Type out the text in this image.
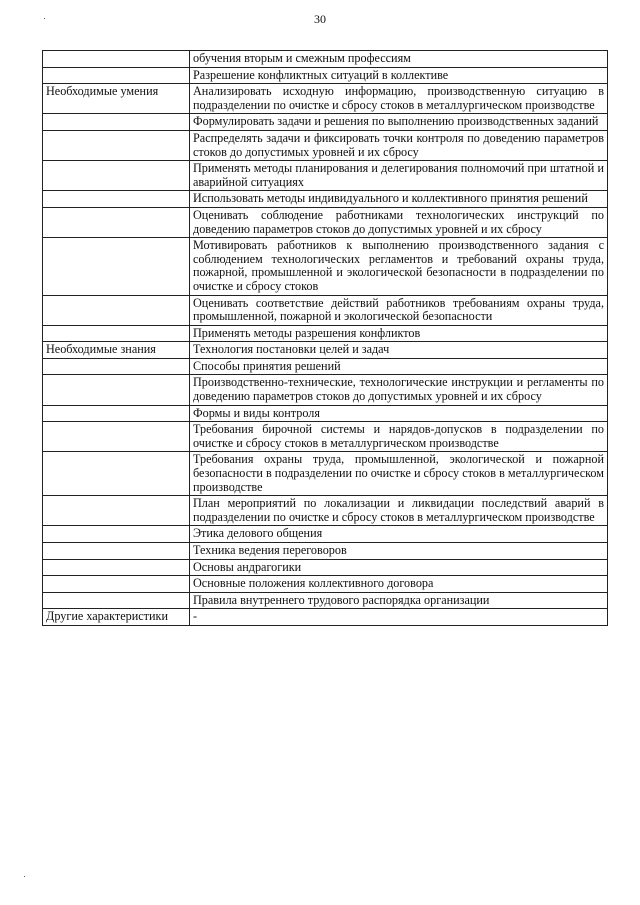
30
	обучения вторым и смежным профессиям
	Разрешение конфликтных ситуаций в коллективе
Необходимые умения	Анализировать исходную информацию, производственную ситуацию в подразделении по очистке и сбросу стоков в металлургическом производстве
	Формулировать задачи и решения по выполнению производственных заданий
	Распределять задачи и фиксировать точки контроля по доведению параметров стоков до допустимых уровней и их сбросу
	Применять методы планирования и делегирования полномочий при штатной и аварийной ситуациях
	Использовать методы индивидуального и коллективного принятия решений
	Оценивать соблюдение работниками технологических инструкций по доведению параметров стоков до допустимых уровней и их сбросу
	Мотивировать работников к выполнению производственного задания с соблюдением технологических регламентов и требований охраны труда, пожарной, промышленной и экологической безопасности в подразделении по очистке и сбросу стоков
	Оценивать соответствие действий работников требованиям охраны труда, промышленной, пожарной и экологической безопасности
	Применять методы разрешения конфликтов
Необходимые знания	Технология постановки целей и задач
	Способы принятия решений
	Производственно-технические, технологические инструкции и регламенты по доведению параметров стоков до допустимых уровней и их сбросу
	Формы и виды контроля
	Требования бирочной системы и нарядов-допусков в подразделении по очистке и сбросу стоков в металлургическом производстве
	Требования охраны труда, промышленной, экологической и пожарной безопасности в подразделении по очистке и сбросу стоков в металлургическом производстве
	План мероприятий по локализации и ликвидации последствий аварий в подразделении по очистке и сбросу стоков в металлургическом производстве
	Этика делового общения
	Техника ведения переговоров
	Основы андрагогики
	Основные положения коллективного договора
	Правила внутреннего трудового распорядка организации
Другие характеристики	-
